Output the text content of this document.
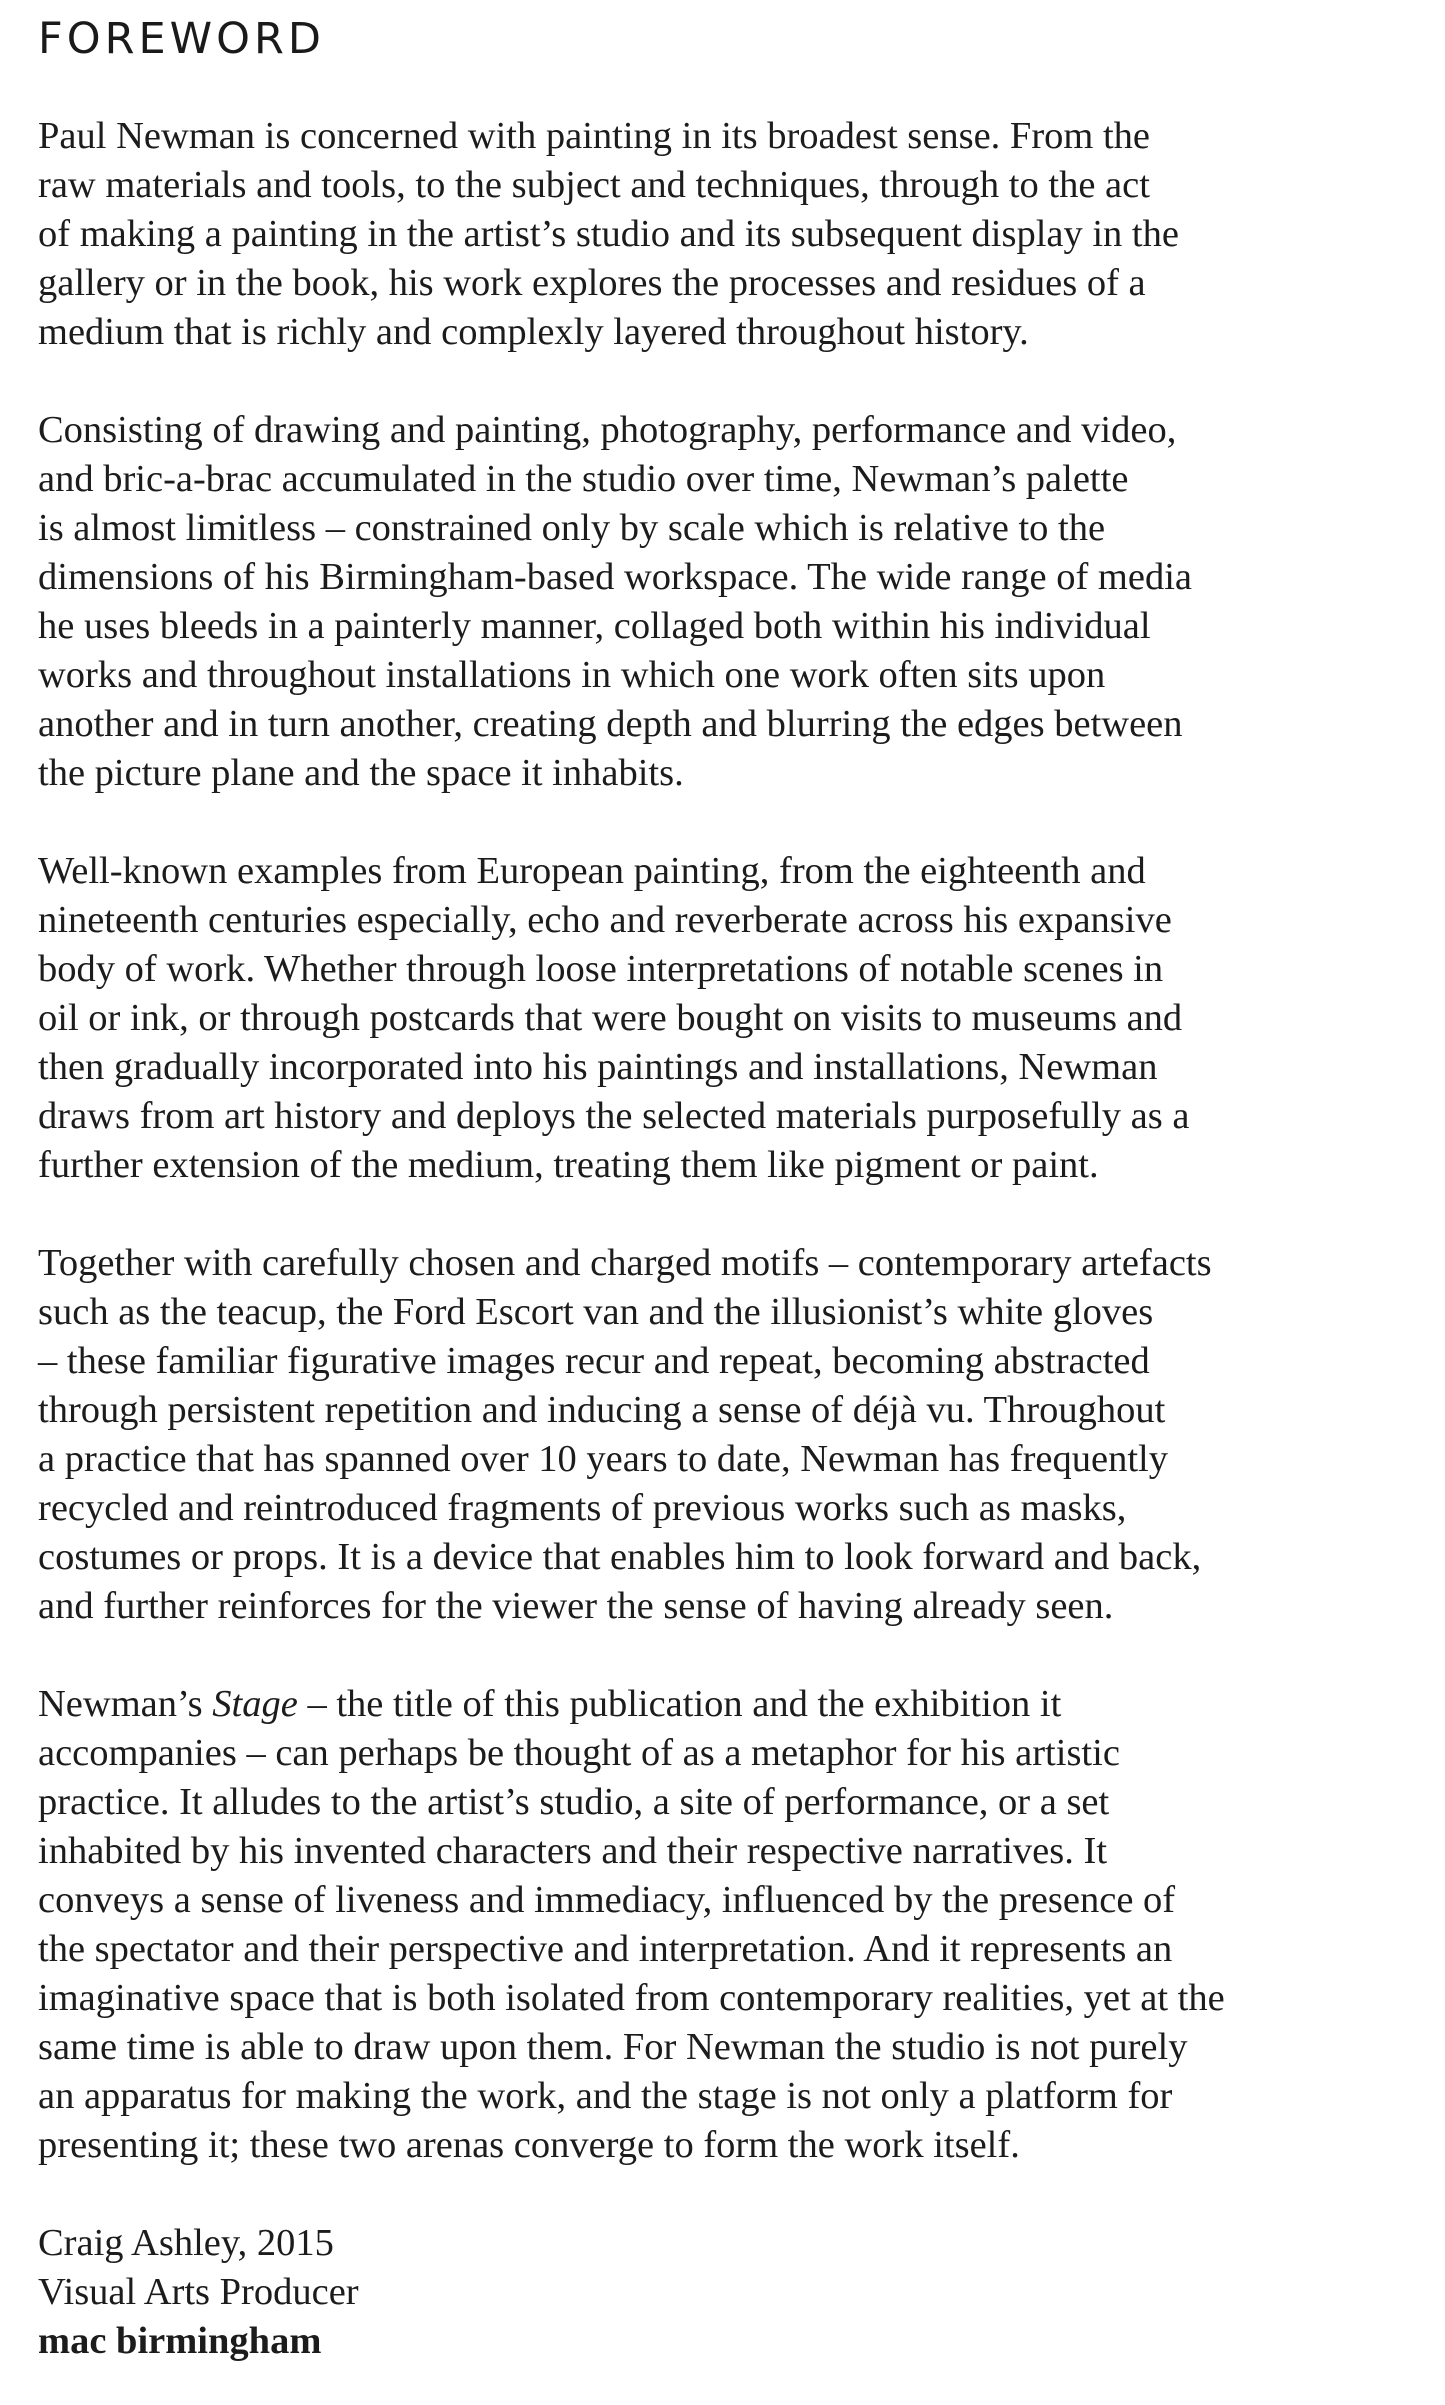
FOREWORD

Paul Newman is concerned with painting in its broadest sense. From the
raw materials and tools, to the subject and techniques, through to the act
of making a painting in the artist’s studio and its subsequent display in the
gallery or in the book, his work explores the processes and residues of a
medium that is richly and complexly layered throughout history.

Consisting of drawing and painting, photography, performance and video,
and bric-a-brac accumulated in the studio over time, Newman’s palette
is almost limitless – constrained only by scale which is relative to the
dimensions of his Birmingham-based workspace. The wide range of media
he uses bleeds in a painterly manner, collaged both within his individual
works and throughout installations in which one work often sits upon
another and in turn another, creating depth and blurring the edges between
the picture plane and the space it inhabits.

Well-known examples from European painting, from the eighteenth and
nineteenth centuries especially, echo and reverberate across his expansive
body of work. Whether through loose interpretations of notable scenes in
oil or ink, or through postcards that were bought on visits to museums and
then gradually incorporated into his paintings and installations, Newman
draws from art history and deploys the selected materials purposefully as a
further extension of the medium, treating them like pigment or paint.

Together with carefully chosen and charged motifs – contemporary artefacts
such as the teacup, the Ford Escort van and the illusionist’s white gloves
– these familiar figurative images recur and repeat, becoming abstracted
through persistent repetition and inducing a sense of déjà vu. Throughout
a practice that has spanned over 10 years to date, Newman has frequently
recycled and reintroduced fragments of previous works such as masks,
costumes or props. It is a device that enables him to look forward and back,
and further reinforces for the viewer the sense of having already seen.

Newman’s Stage – the title of this publication and the exhibition it
accompanies – can perhaps be thought of as a metaphor for his artistic
practice. It alludes to the artist’s studio, a site of performance, or a set
inhabited by his invented characters and their respective narratives. It
conveys a sense of liveness and immediacy, influenced by the presence of
the spectator and their perspective and interpretation. And it represents an
imaginative space that is both isolated from contemporary realities, yet at the
same time is able to draw upon them. For Newman the studio is not purely
an apparatus for making the work, and the stage is not only a platform for
presenting it; these two arenas converge to form the work itself.

Craig Ashley, 2015
Visual Arts Producer
mac birmingham
